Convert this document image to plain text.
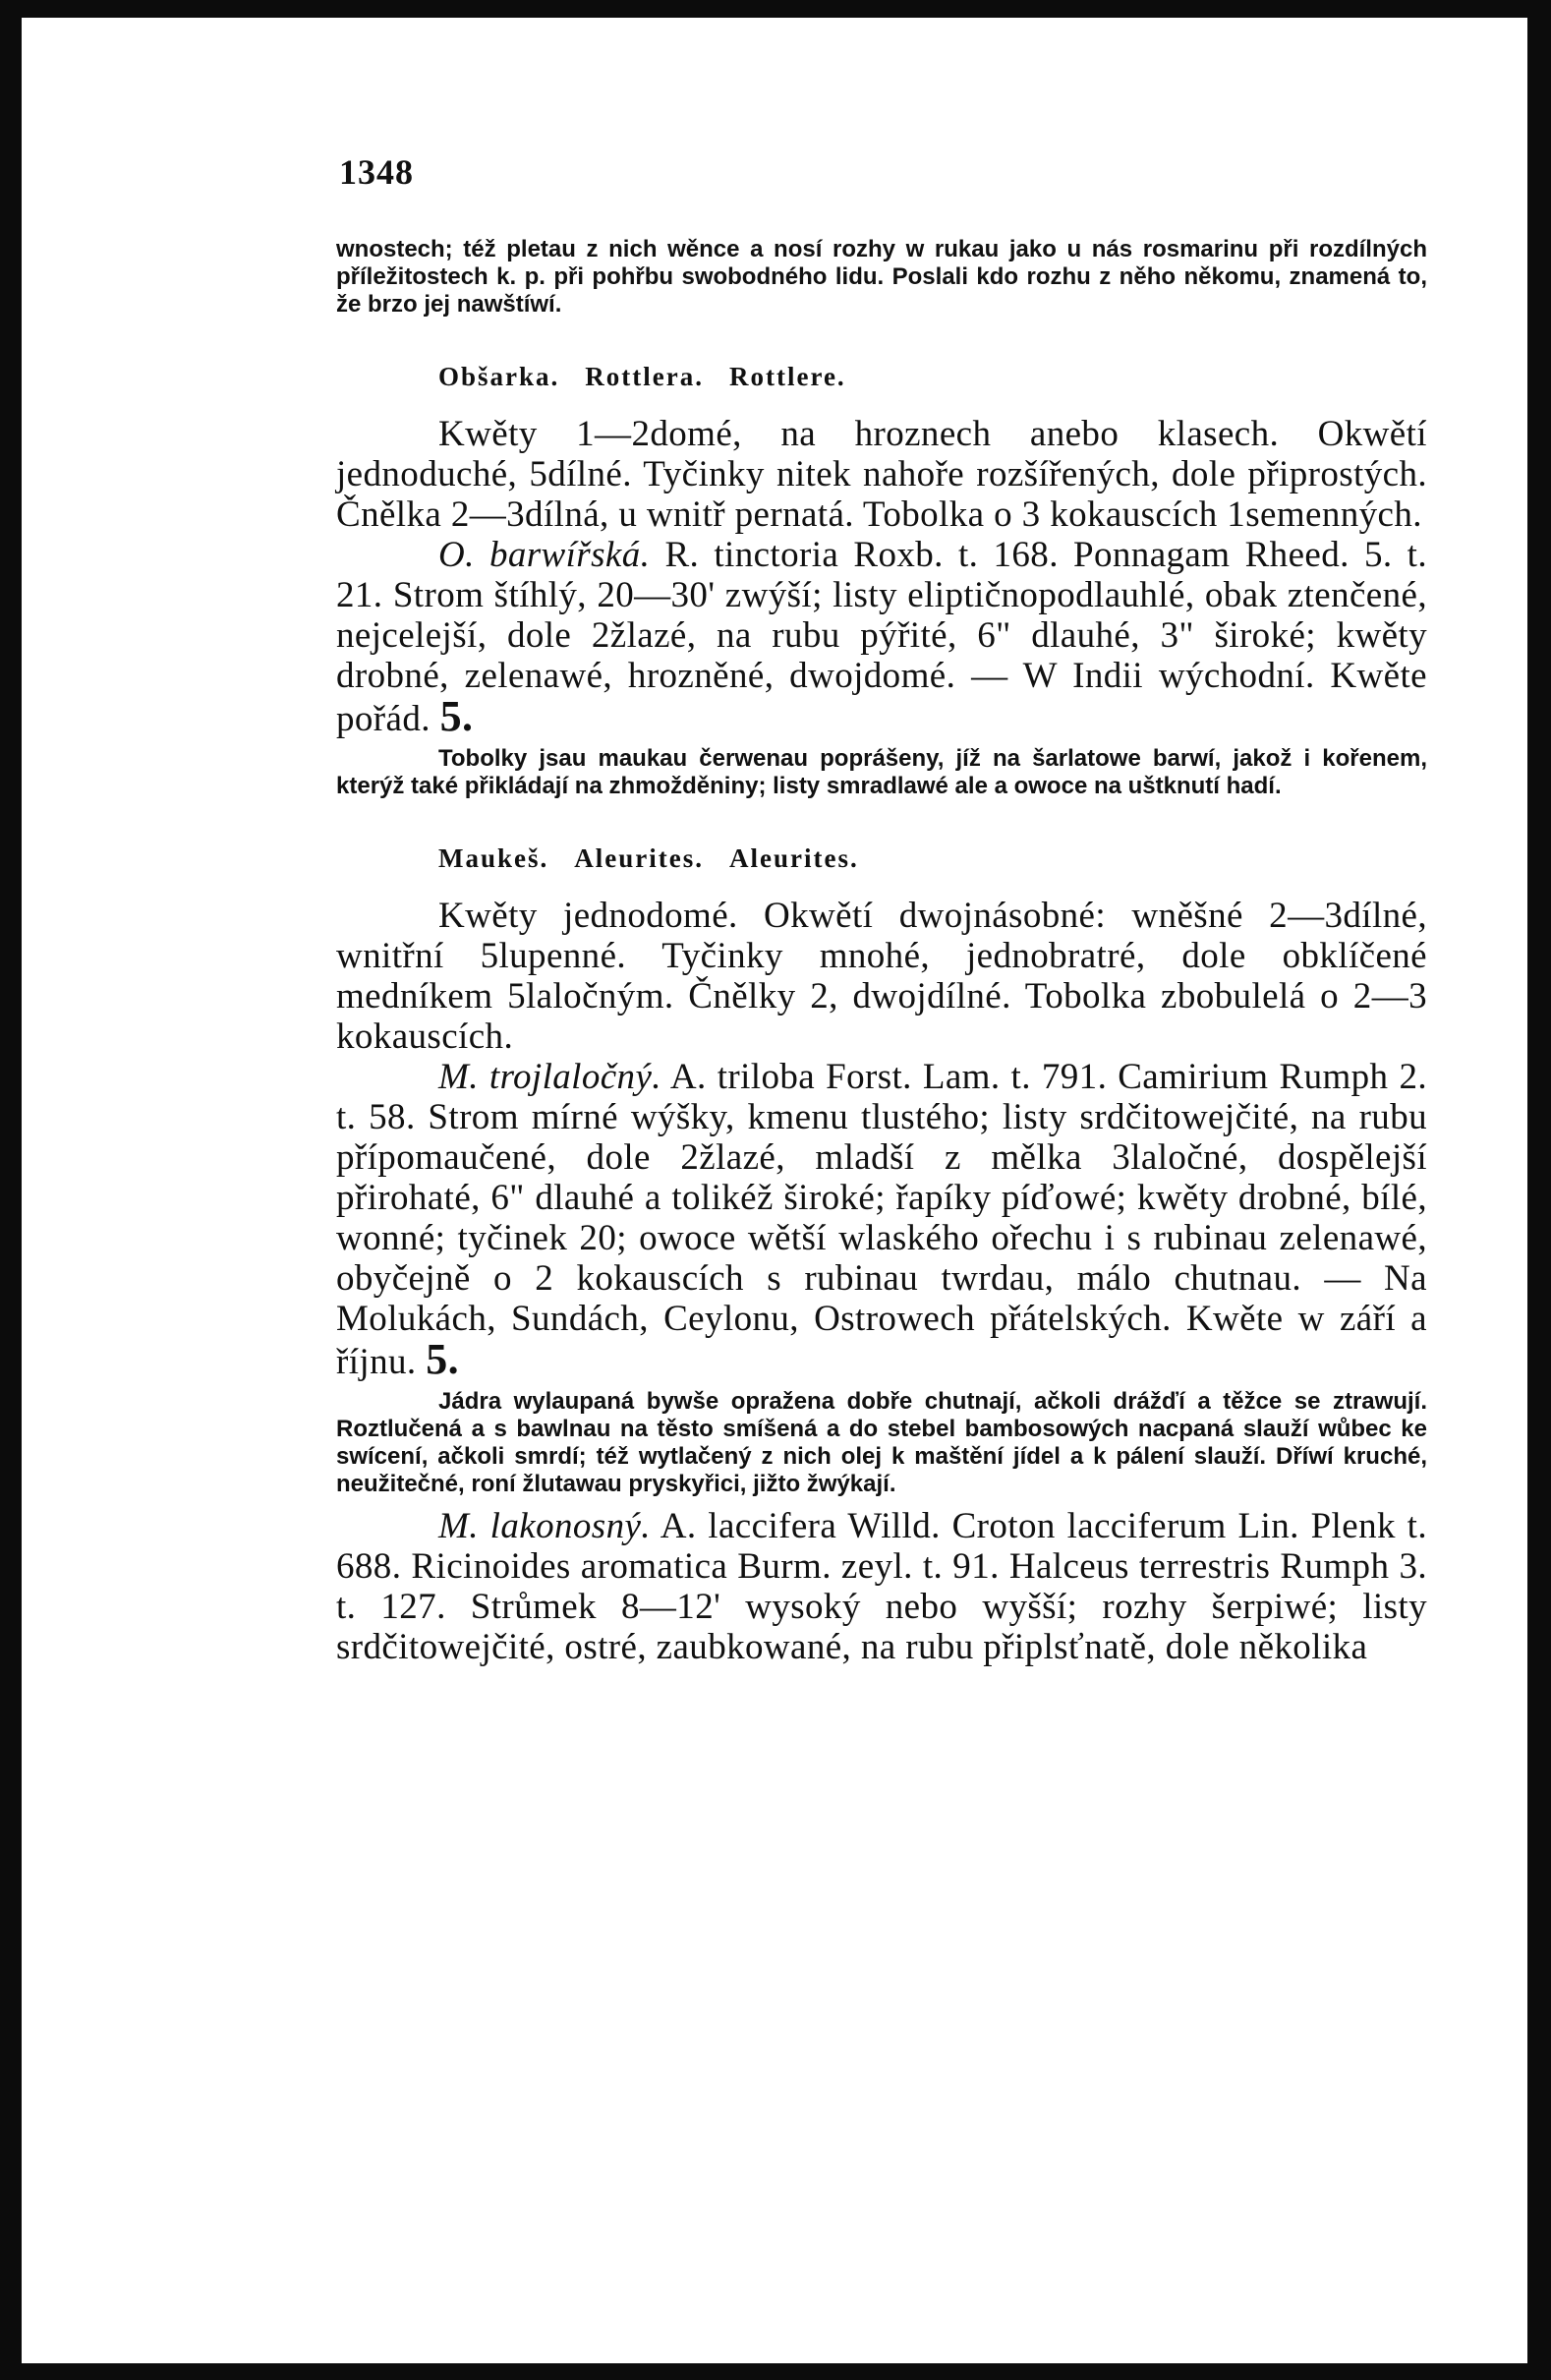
1348

wnostech; též pletau z nich wěnce a nosí rozhy w rukau jako u nás rosmarinu při rozdílných příležitostech k. p. při pohřbu swobodného lidu. Poslali kdo rozhu z něho někomu, znamená to, že brzo jej nawštíwí.

Obšarka. Rottlera. Rottlere.

Kwěty 1—2domé, na hroznech anebo klasech. Okwětí jednoduché, 5dílné. Tyčinky nitek nahoře rozšířených, dole připrostých. Čnělka 2—3dílná, u wnitř pernatá. Tobolka o 3 kokauscích 1semenných.

O. barwířská. R. tinctoria Roxb. t. 168. Ponnagam Rheed. 5. t. 21. Strom štíhlý, 20—30' zwýší; listy eliptičnopodlauhlé, obak ztenčené, nejcelejší, dole 2žlazé, na rubu pýřité, 6" dlauhé, 3" široké; kwěty drobné, zelenawé, hrozněné, dwojdomé. — W Indii wýchodní. Kwěte pořád. 5.

Tobolky jsau maukau čerwenau poprášeny, jíž na šarlatowe barwí, jakož i kořenem, kterýž také přikládají na zhmožděniny; listy smradlawé ale a owoce na uštknutí hadí.

Maukeš. Aleurites. Aleurites.

Kwěty jednodomé. Okwětí dwojnásobné: wněšné 2—3dílné, wnitřní 5lupenné. Tyčinky mnohé, jednobratré, dole obklíčené medníkem 5laločným. Čnělky 2, dwojdílné. Tobolka zbobulelá o 2—3 kokauscích.

M. trojlaločný. A. triloba Forst. Lam. t. 791. Camirium Rumph 2. t. 58. Strom mírné wýšky, kmenu tlustého; listy srdčitowejčité, na rubu přípomaučené, dole 2žlazé, mladší z mělka 3laločné, dospělejší přirohaté, 6" dlauhé a tolikéž široké; řapíky píďowé; kwěty drobné, bílé, wonné; tyčinek 20; owoce wětší wlaského ořechu i s rubinau zelenawé, obyčejně o 2 kokauscích s rubinau twrdau, málo chutnau. — Na Molukách, Sundách, Ceylonu, Ostrowech přátelských. Kwěte w září a říjnu. 5.

Jádra wylaupaná bywše opražena dobře chutnají, ačkoli drážďí a těžce se ztrawují. Roztlučená a s bawlnau na těsto smíšená a do stebel bambosowých nacpaná slauží wůbec ke swícení, ačkoli smrdí; též wytlačený z nich olej k maštění jídel a k pálení slauží. Dříwí kruché, neužitečné, roní žlutawau pryskyřici, jižto žwýkají.

M. lakonosný. A. laccifera Willd. Croton lacciferum Lin. Plenk t. 688. Ricinoides aromatica Burm. zeyl. t. 91. Halceus terrestris Rumph 3. t. 127. Strůmek 8—12' wysoký nebo wyšší; rozhy šerpiwé; listy srdčitowejčité, ostré, zaubkowané, na rubu připlsťnatě, dole několika
